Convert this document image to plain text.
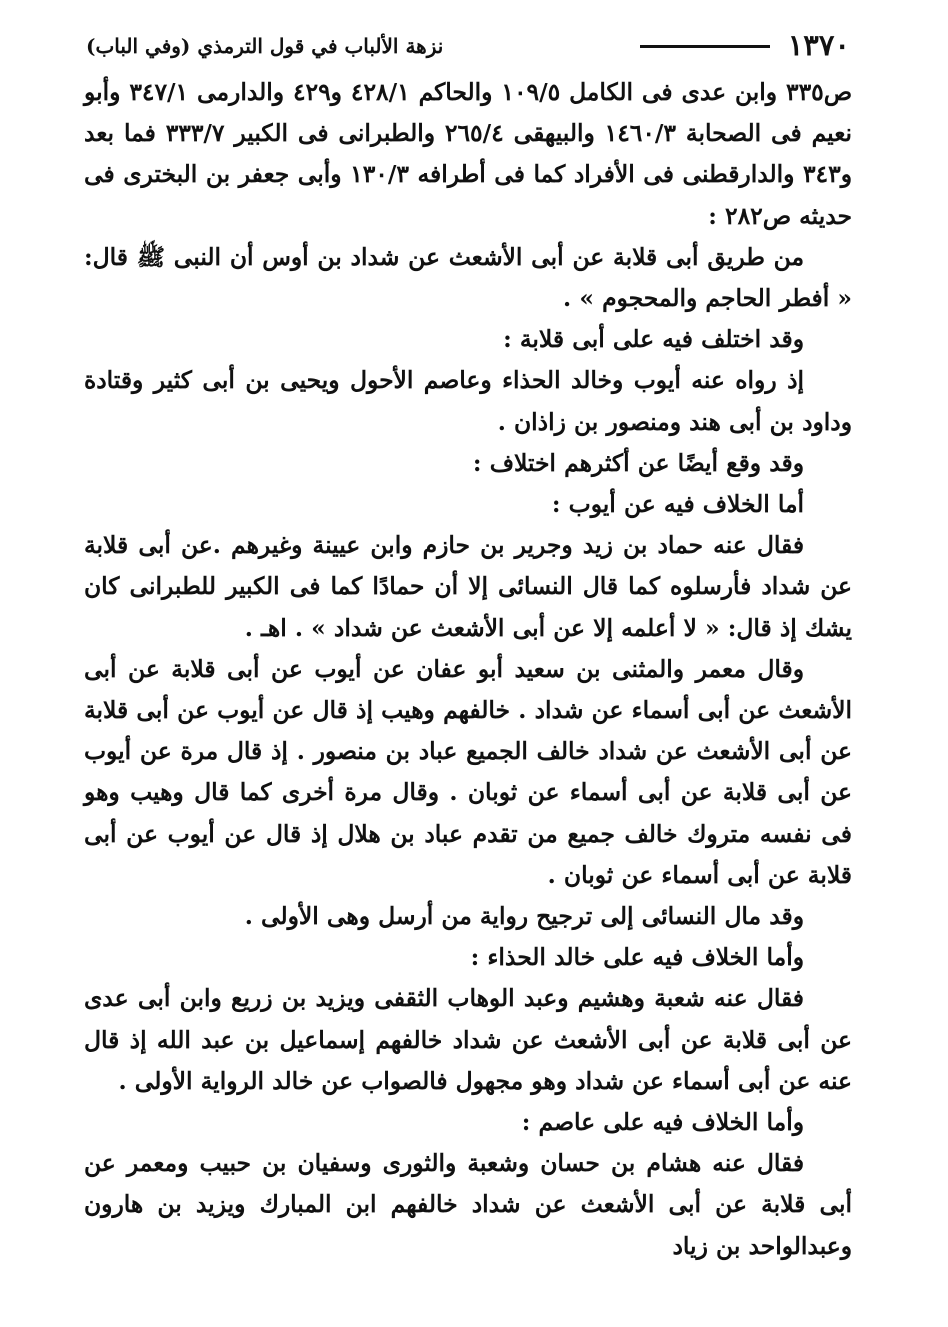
١٣٧٠
نزهة الألباب في قول الترمذي (وفي الباب)

ص٣٣٥ وابن عدى فى الكامل ١٠٩/٥ والحاكم ٤٢٨/١ و٤٢٩ والدارمى ٣٤٧/١ وأبو نعيم فى الصحابة ١٤٦٠/٣ والبيهقى ٢٦٥/٤ والطبرانى فى الكبير ٣٣٣/٧ فما بعد و٣٤٣ والدارقطنى فى الأفراد كما فى أطرافه ١٣٠/٣ وأبى جعفر بن البخترى فى حديثه ص٢٨٢ :

من طريق أبى قلابة عن أبى الأشعث عن شداد بن أوس أن النبى ﷺ قال: « أفطر الحاجم والمحجوم » .

وقد اختلف فيه على أبى قلابة :

إذ رواه عنه أيوب وخالد الحذاء وعاصم الأحول ويحيى بن أبى كثير وقتادة وداود بن أبى هند ومنصور بن زاذان .

وقد وقع أيضًا عن أكثرهم اختلاف :

أما الخلاف فيه عن أيوب :

فقال عنه حماد بن زيد وجرير بن حازم وابن عيينة وغيرهم .عن أبى قلابة عن شداد فأرسلوه كما قال النسائى إلا أن حمادًا كما فى الكبير للطبرانى كان يشك إذ قال: « لا أعلمه إلا عن أبى الأشعث عن شداد » . اهـ .

وقال معمر والمثنى بن سعيد أبو عفان عن أيوب عن أبى قلابة عن أبى الأشعث عن أبى أسماء عن شداد . خالفهم وهيب إذ قال عن أيوب عن أبى قلابة عن أبى الأشعث عن شداد خالف الجميع عباد بن منصور . إذ قال مرة عن أيوب عن أبى قلابة عن أبى أسماء عن ثوبان . وقال مرة أخرى كما قال وهيب وهو فى نفسه متروك خالف جميع من تقدم عباد بن هلال إذ قال عن أيوب عن أبى قلابة عن أبى أسماء عن ثوبان .

وقد مال النسائى إلى ترجيح رواية من أرسل وهى الأولى .

وأما الخلاف فيه على خالد الحذاء :

فقال عنه شعبة وهشيم وعبد الوهاب الثقفى ويزيد بن زريع وابن أبى عدى عن أبى قلابة عن أبى الأشعث عن شداد خالفهم إسماعيل بن عبد الله إذ قال عنه عن أبى أسماء عن شداد وهو مجهول فالصواب عن خالد الرواية الأولى .

وأما الخلاف فيه على عاصم :

فقال عنه هشام بن حسان وشعبة والثورى وسفيان بن حبيب ومعمر عن أبى قلابة عن أبى الأشعث عن شداد خالفهم ابن المبارك ويزيد بن هارون وعبدالواحد بن زياد
